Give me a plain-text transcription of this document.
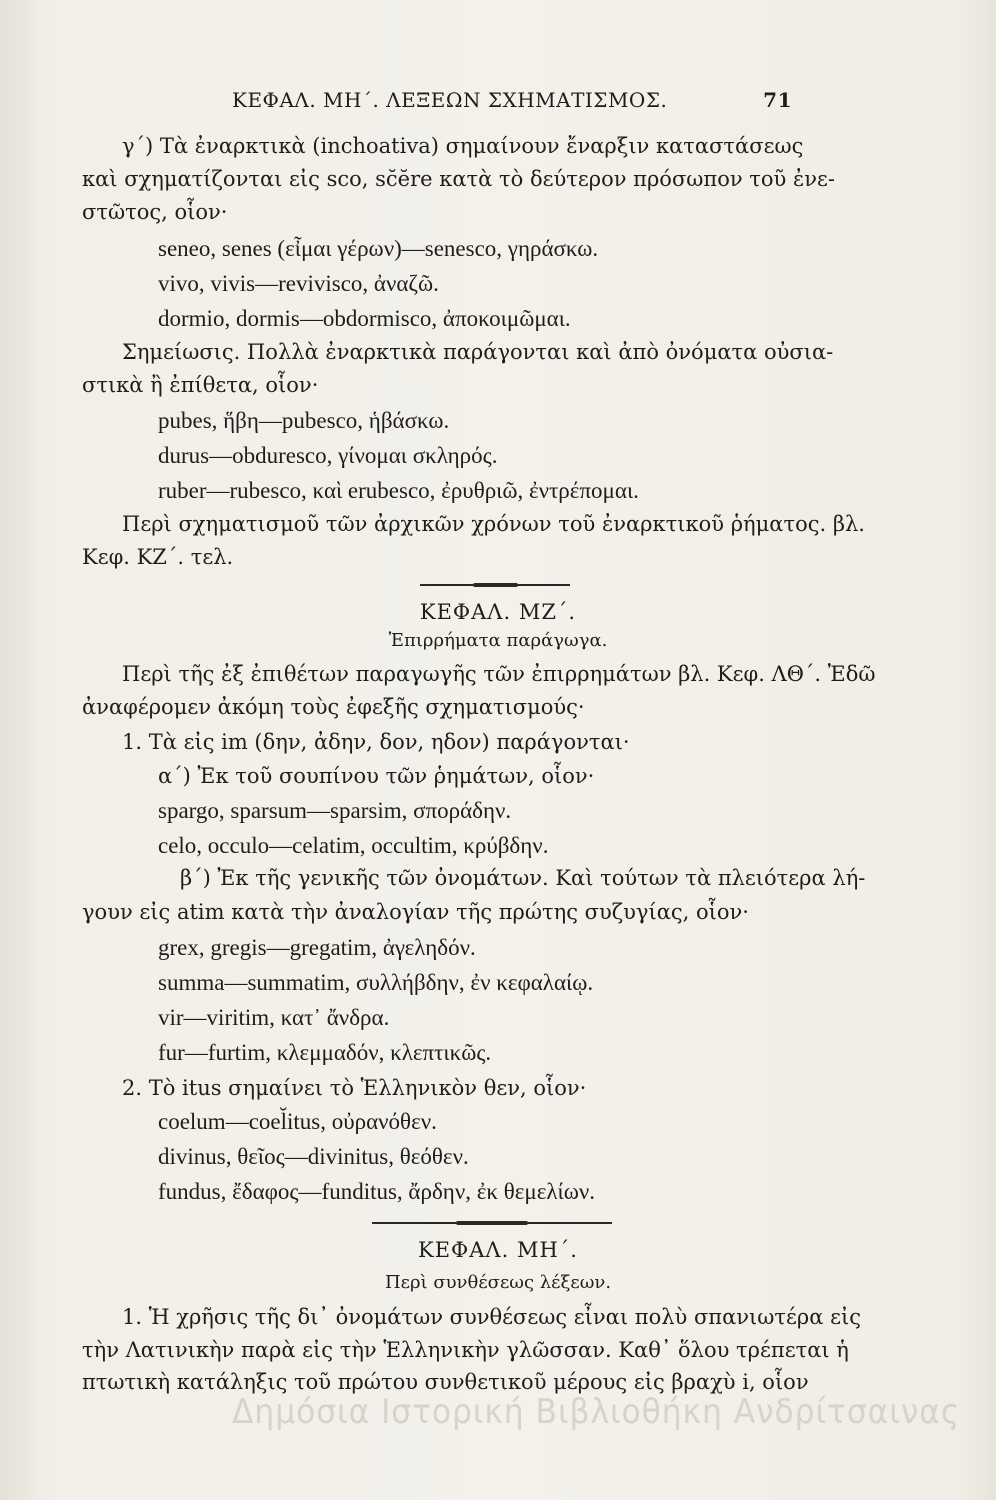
ΚΕΦΑΛ. ΜΗ΄. ΛΕΞΕΩΝ ΣΧΗΜΑΤΙΣΜΟΣ.	71
γ΄) Τὰ ἐναρκτικὰ (inchoativa) σημαίνουν ἔναρξιν καταστάσεως
καὶ σχηματίζονται εἰς sco, sc̆ĕre κατὰ τὸ δεύτερον πρόσωπον τοῦ ἐνε-
στῶτος, οἷον·
seneo, senes (εἶμαι γέρων)—senesco, γηράσκω.
vivo, vivis—revivisco, ἀναζῶ.
dormio, dormis—obdormisco, ἀποκοιμῶμαι.
Σημείωσις. Πολλὰ ἐναρκτικὰ παράγονται καὶ ἀπὸ ὀνόματα οὐσια-
στικὰ ἢ ἐπίθετα, οἷον·
pubes, ἥβη—pubesco, ἡβάσκω.
durus—obduresco, γίνομαι σκληρός.
ruber—rubesco, καὶ erubesco, ἐρυθριῶ, ἐντρέπομαι.
Περὶ σχηματισμοῦ τῶν ἀρχικῶν χρόνων τοῦ ἐναρκτικοῦ ῥήματος. βλ.
Κεφ. ΚΖ΄. τελ.
ΚΕΦΑΛ. ΜΖ΄.
Ἐπιρρήματα παράγωγα.
Περὶ τῆς ἐξ ἐπιθέτων παραγωγῆς τῶν ἐπιρρημάτων βλ. Κεφ. ΛΘ΄. Ἐδῶ
ἀναφέρομεν ἀκόμη τοὺς ἐφεξῆς σχηματισμούς·
1. Τὰ εἰς im (δην, ἀδην, δον, ηδον) παράγονται·
α΄) Ἐκ τοῦ σουπίνου τῶν ῥημάτων, οἷον·
spargo, sparsum—sparsim, σποράδην.
celo, occulo—celatim, occultim, κρύβδην.
β΄) Ἐκ τῆς γενικῆς τῶν ὀνομάτων. Καὶ τούτων τὰ πλειότερα λή-
γουν εἰς atim κατὰ τὴν ἀναλογίαν τῆς πρώτης συζυγίας, οἷον·
grex, gregis—gregatim, ἀγεληδόν.
summa—summatim, συλλήβδην, ἐν κεφαλαίῳ.
vir—viritim, κατ᾽ ἄνδρα.
fur—furtim, κλεμμαδόν, κλεπτικῶς.
2. Τὸ itus σημαίνει τὸ Ἑλληνικὸν θεν, οἷον·
coelum—coel̆itus, οὐρανόθεν.
divinus, θεῖος—divinitus, θεόθεν.
fundus, ἔδαφος—funditus, ἄρδην, ἐκ θεμελίων.
ΚΕΦΑΛ. ΜΗ΄.
Περὶ συνθέσεως λέξεων.
1. Ἡ χρῆσις τῆς δι᾽ ὀνομάτων συνθέσεως εἶναι πολὺ σπανιωτέρα εἰς
τὴν Λατινικὴν παρὰ εἰς τὴν Ἑλληνικὴν γλῶσσαν. Καθ᾽ ὅλου τρέπεται ἡ
πτωτικὴ κατάληξις τοῦ πρώτου συνθετικοῦ μέρους εἰς βραχὺ i, οἷον
Δημόσια Ιστορική Βιβλιοθήκη Ανδρίτσαινας
